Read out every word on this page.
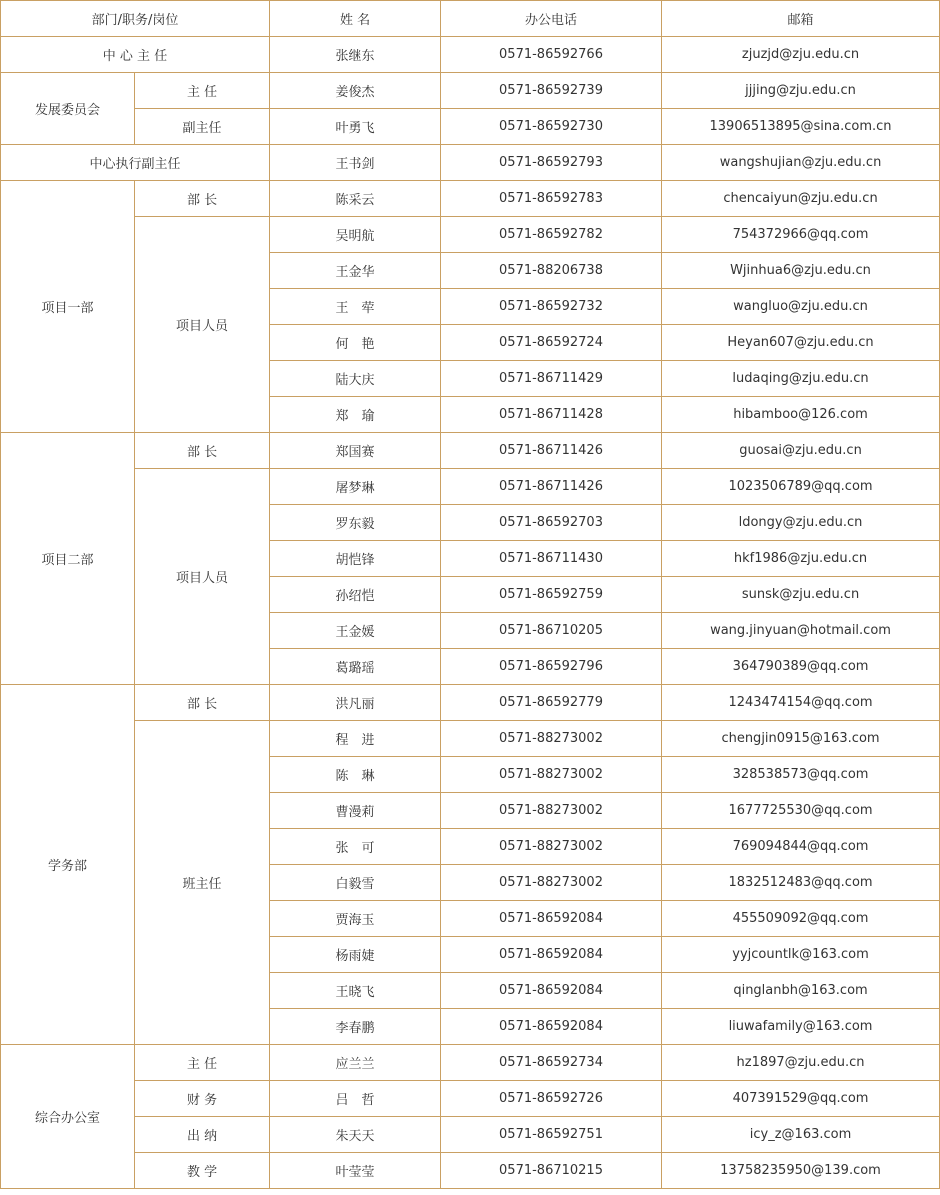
部门/职务/岗位		姓 名	办公电话	邮箱
中 心 主 任		张继东	0571-86592766	zjuzjd@zju.edu.cn
发展委员会	主 任	姜俊杰	0571-86592739	jjjing@zju.edu.cn
	副主任	叶勇飞	0571-86592730	13906513895@sina.com.cn
中心执行副主任		王书剑	0571-86592793	wangshujian@zju.edu.cn
项目一部	部 长	陈采云	0571-86592783	chencaiyun@zju.edu.cn
	项目人员	吴明航	0571-86592782	754372966@qq.com
		王金华	0571-88206738	Wjinhua6@zju.edu.cn
		王　荦	0571-86592732	wangluo@zju.edu.cn
		何　艳	0571-86592724	Heyan607@zju.edu.cn
		陆大庆	0571-86711429	ludaqing@zju.edu.cn
		郑　瑜	0571-86711428	hibamboo@126.com
项目二部	部 长	郑国赛	0571-86711426	guosai@zju.edu.cn
	项目人员	屠梦琳	0571-86711426	1023506789@qq.com
		罗东毅	0571-86592703	ldongy@zju.edu.cn
		胡恺锋	0571-86711430	hkf1986@zju.edu.cn
		孙绍恺	0571-86592759	sunsk@zju.edu.cn
		王金媛	0571-86710205	wang.jinyuan@hotmail.com
		葛璐瑶	0571-86592796	364790389@qq.com
学务部	部 长	洪凡丽	0571-86592779	1243474154@qq.com
	班主任	程　进	0571-88273002	chengjin0915@163.com
		陈　琳	0571-88273002	328538573@qq.com
		曹漫莉	0571-88273002	1677725530@qq.com
		张　可	0571-88273002	769094844@qq.com
		白毅雪	0571-88273002	1832512483@qq.com
		贾海玉	0571-86592084	455509092@qq.com
		杨雨婕	0571-86592084	yyjcountlk@163.com
		王晓飞	0571-86592084	qinglanbh@163.com
		李春鹏	0571-86592084	liuwafamily@163.com
综合办公室	主 任	应兰兰	0571-86592734	hz1897@zju.edu.cn
	财 务	吕　哲	0571-86592726	407391529@qq.com
	出 纳	朱天天	0571-86592751	icy_z@163.com
	教 学	叶莹莹	0571-86710215	13758235950@139.com
